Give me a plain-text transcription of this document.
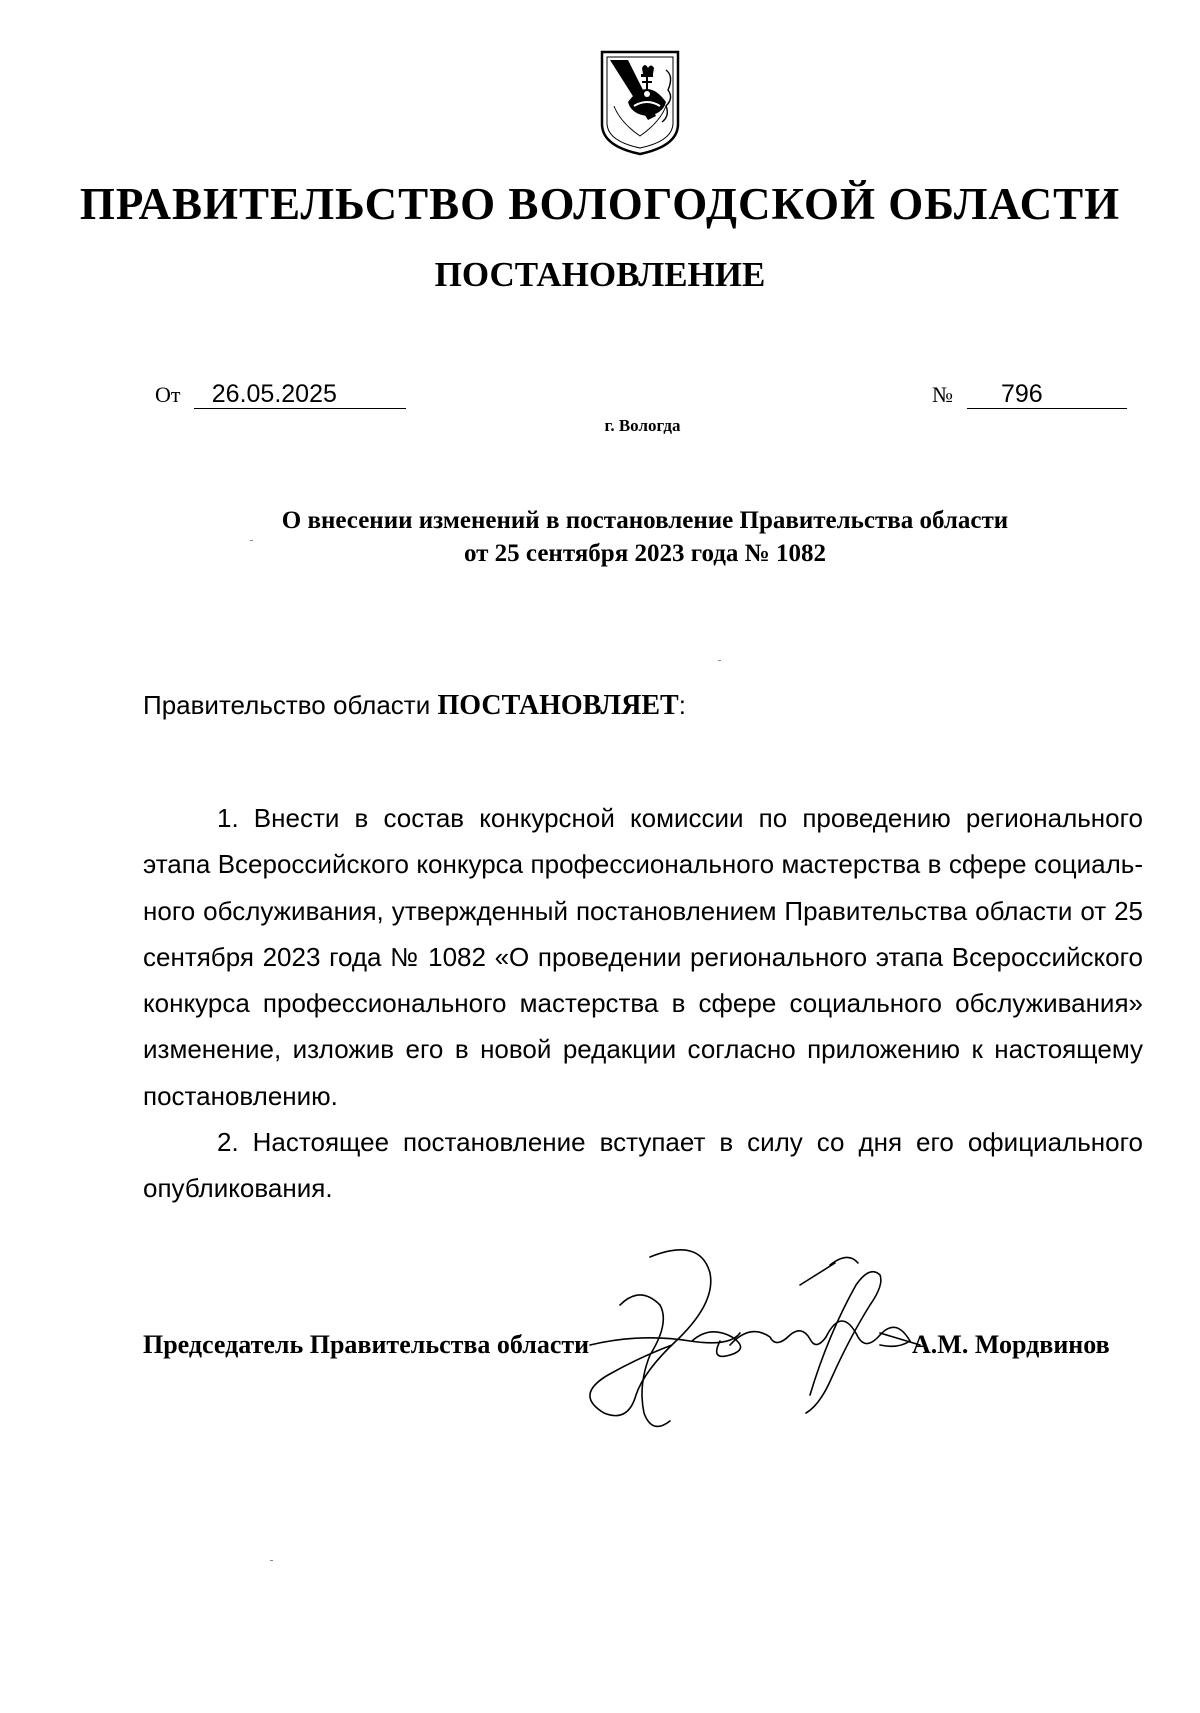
ПРАВИТЕЛЬСТВО ВОЛОГОДСКОЙ ОБЛАСТИ
ПОСТАНОВЛЕНИЕ
От 26.05.2025	№ 796
г. Вологда
О внесении изменений в постановление Правительства области
от 25 сентября 2023 года № 1082
Правительство области ПОСТАНОВЛЯЕТ:

1. Внести в состав конкурсной комиссии по проведению регионального этапа Всероссийского конкурса профессионального мастерства в сфере социального обслуживания, утвержденный постановлением Правительства области от 25 сентября 2023 года № 1082 «О проведении регионального этапа Всероссийского конкурса профессионального мастерства в сфере социального обслуживания» изменение, изложив его в новой редакции согласно приложению к настоящему постановлению.

2. Настоящее постановление вступает в силу со дня его официального опубликования.

Председатель Правительства области	А.М. Мордвинов
